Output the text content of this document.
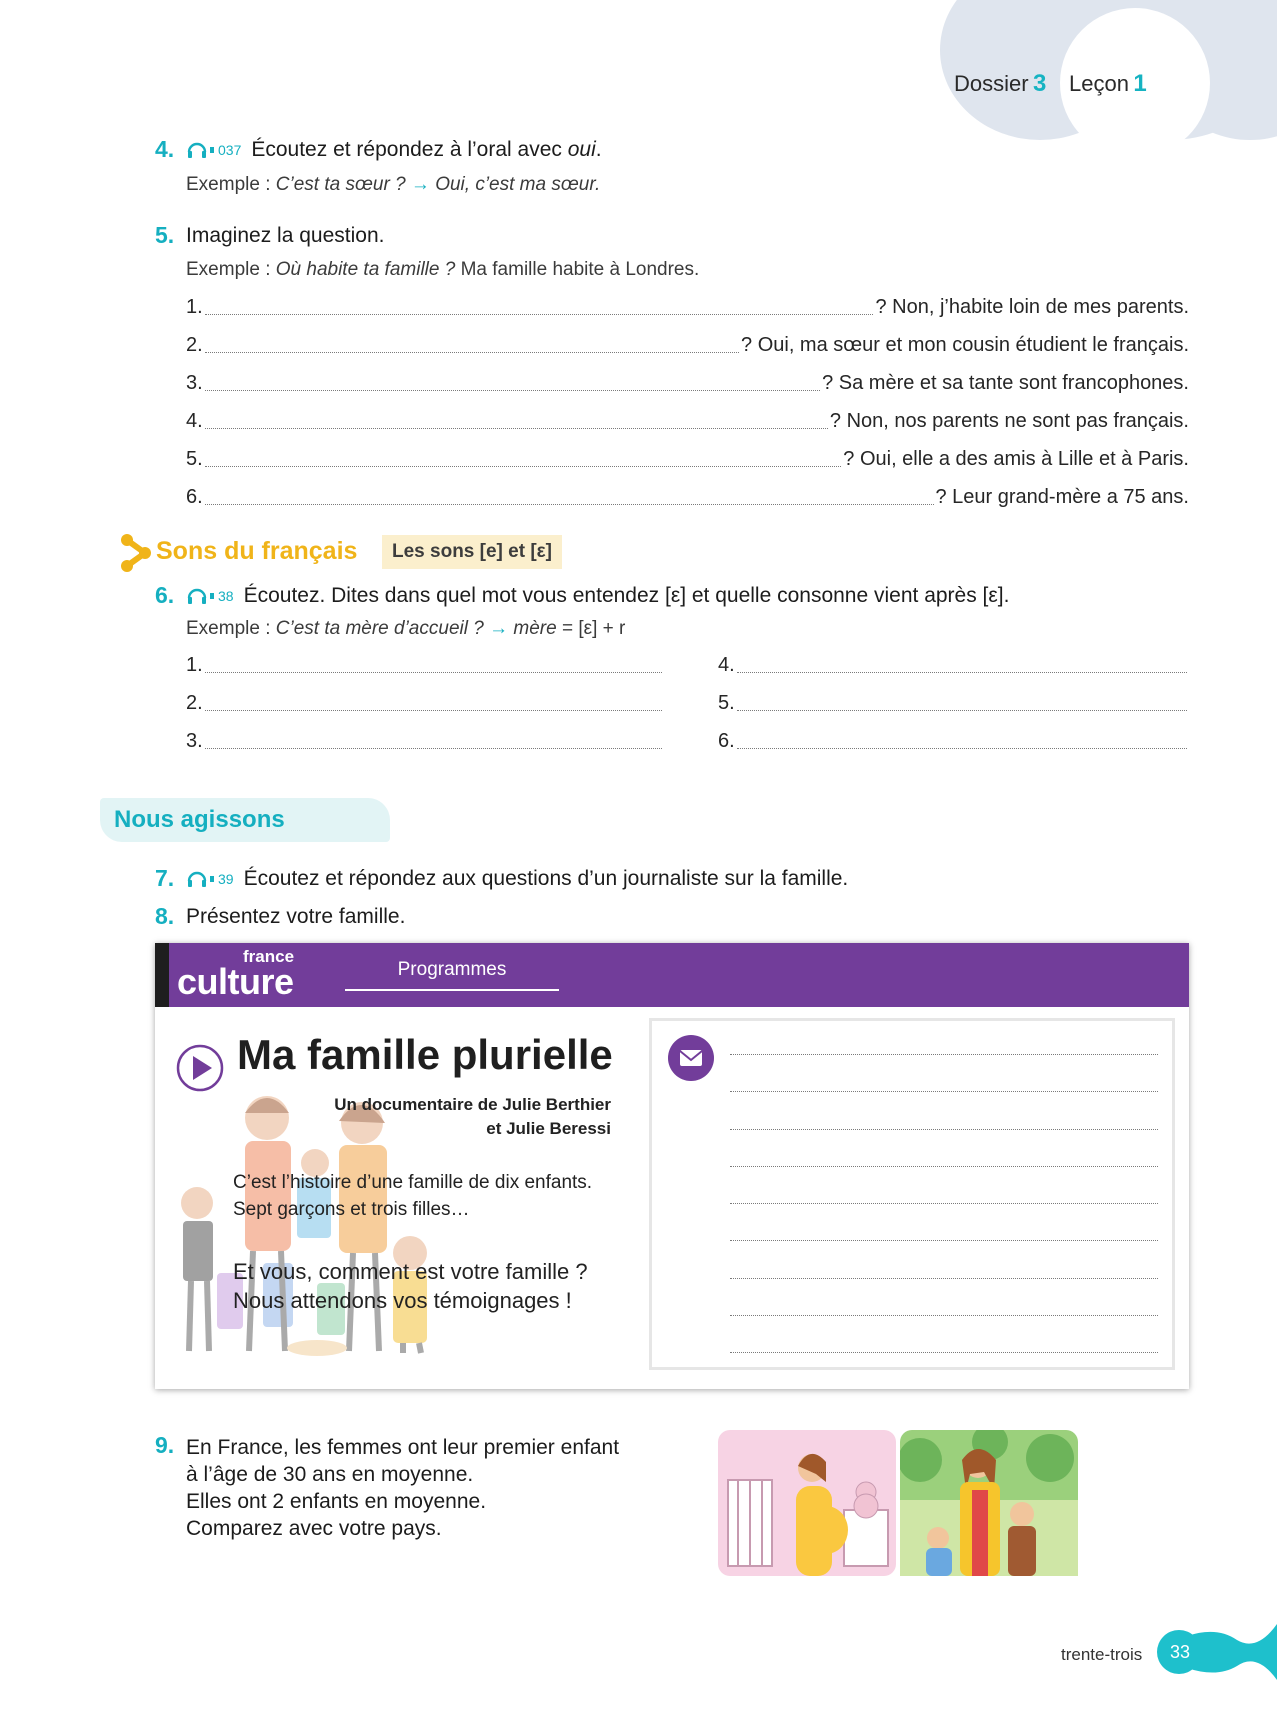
Dossier 3 Leçon 1
4.	037 Écoutez et répondez à l’oral avec oui.
Exemple : C’est ta sœur ? → Oui, c’est ma sœur.
5. Imaginez la question.
Exemple : Où habite ta famille ? Ma famille habite à Londres.
1.	? Non, j’habite loin de mes parents.
2.	? Oui, ma sœur et mon cousin étudient le français.
3.	? Sa mère et sa tante sont francophones.
4.	? Non, nos parents ne sont pas français.
5.	? Oui, elle a des amis à Lille et à Paris.
6.	? Leur grand-mère a 75 ans.
Sons du français	Les sons [e] et [ε]
6.	38 Écoutez. Dites dans quel mot vous entendez [ε] et quelle consonne vient après [ε].
Exemple : C’est ta mère d’accueil ? → mère = [ε] + r
1.
2.
3.
4.
5.
6.
Nous agissons
7.	39 Écoutez et répondez aux questions d’un journaliste sur la famille.
8. Présentez votre famille.
france
culture	Programmes
Ma famille plurielle
Un documentaire de Julie Berthier
et Julie Beressi
C’est l’histoire d’une famille de dix enfants.
Sept garçons et trois filles…
Et vous, comment est votre famille ?
Nous attendons vos témoignages !
9. En France, les femmes ont leur premier enfant
à l’âge de 30 ans en moyenne.
Elles ont 2 enfants en moyenne.
Comparez avec votre pays.
trente-trois 33
